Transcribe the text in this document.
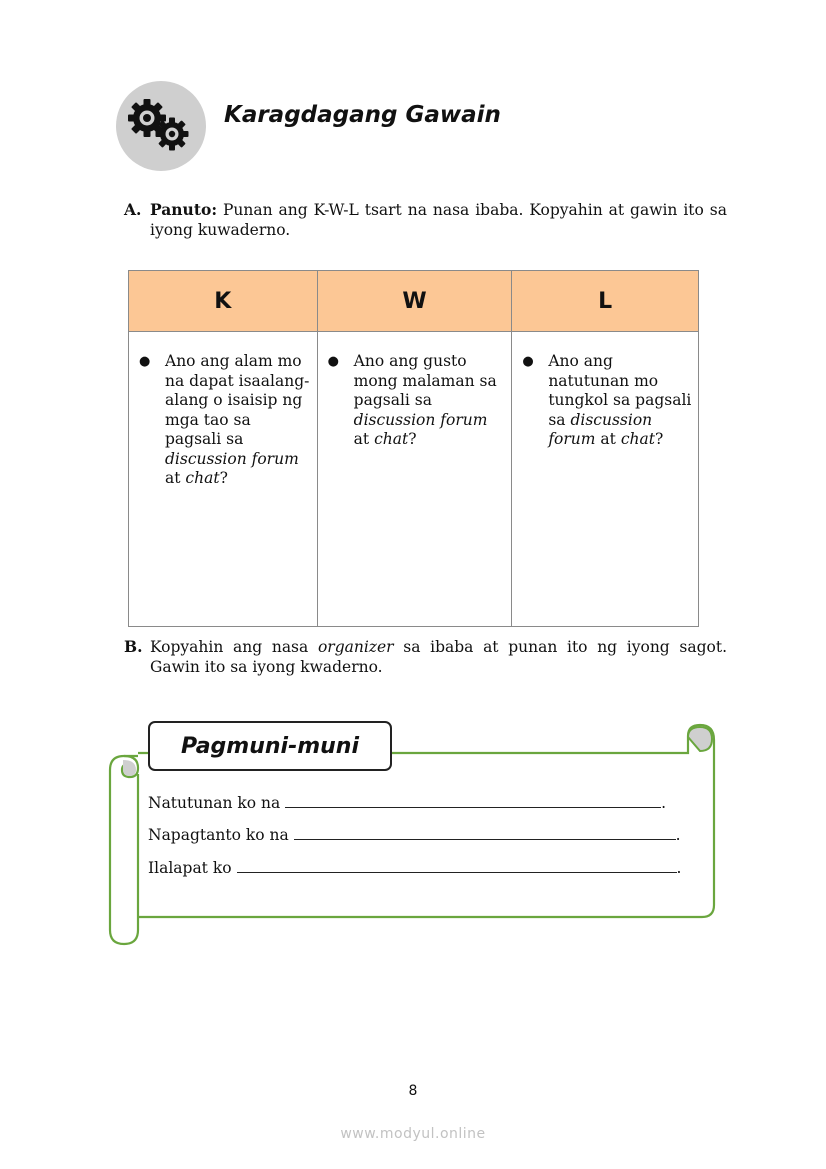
Karagdagang Gawain
A. Panuto: Punan ang K-W-L tsart na nasa ibaba. Kopyahin at gawin ito sa iyong kuwaderno.
K	W	L

● Ano ang alam mo na dapat isaalang-alang o isaisip ng mga tao sa pagsali sa discussion forum at chat?	● Ano ang gusto mong malaman sa pagsali sa discussion forum at chat?	● Ano ang natutunan mo tungkol sa pagsali sa discussion forum at chat?
B. Kopyahin ang nasa organizer sa ibaba at punan ito ng iyong sagot. Gawin ito sa iyong kwaderno.
Pagmuni-muni
Natutunan ko na	.
Napagtanto ko na	.
Ilalapat ko	.
8
www.modyul.online
